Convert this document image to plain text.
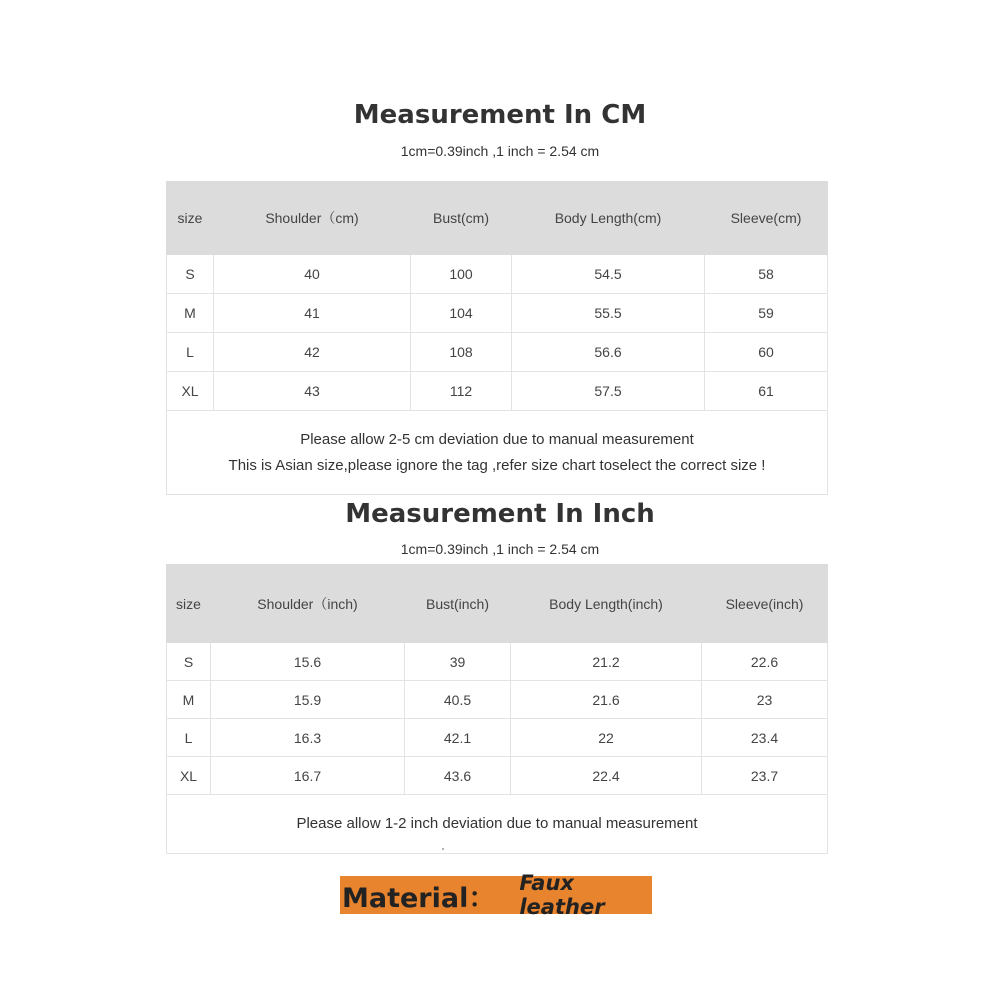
Measurement In CM
1cm=0.39inch ,1 inch = 2.54 cm
size	Shoulder（cm)	Bust(cm)	Body Length(cm)	Sleeve(cm)
S	40	100	54.5	58
M	41	104	55.5	59
L	42	108	56.6	60
XL	43	112	57.5	61

Please allow 2-5 cm deviation due to manual measurement
This is Asian size,please ignore the tag ,refer size chart toselect the correct size !				
Measurement In Inch
1cm=0.39inch ,1 inch = 2.54 cm
size	Shoulder（inch)	Bust(inch)	Body Length(inch)	Sleeve(inch)
S	15.6	39	21.2	22.6
M	15.9	40.5	21.6	23
L	16.3	42.1	22	23.4
XL	16.7	43.6	22.4	23.7

Please allow 1-2 inch deviation due to manual measurement				
Material： Faux leather
